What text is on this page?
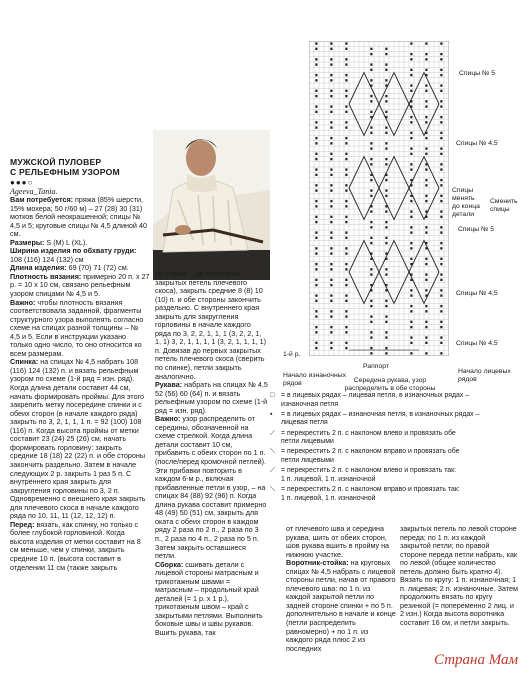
МУЖСКОЙ ПУЛОВЕР
С РЕЛЬЕФНЫМ УЗОРОМ
●●●○
Ageeva_Tania.

Вам потребуется: пряжа (85% шерсти, 15% мохера; 50 г/60 м) – 27 (28) 30 (31) мотков белой неокрашенной; спицы № 4,5 и 5; круговые спицы № 4,5 длиной 40 см.

Размеры: S (M) L (XL).

Ширина изделия по обхвату груди: 108 (116) 124 (132) см

Длина изделия: 69 (70) 71 (72) см.

Плотность вязания: примерно 20 п. х 27 р. = 10 х 10 см, связано рельефным узором спицами № 4,5 и 5.

Важно: чтобы плотность вязания соответствовала заданной, фрагменты структурного узора выполнять согласно схеме на спицах разной толщины – № 4,5 и 5. Если в инструкции указано только одно число, то оно относится ко всем размерам.

Спинка: на спицах № 4,5 набрать 108 (116) 124 (132) п. и вязать рельефным узором по схеме (1-й ряд = изн. ряд). Когда длина детали составит 44 см, начать формировать проймы. Для этого закрепить метку посередине спинки и с обеих сторон (в начале каждого ряда) закрыть по 3, 2, 1, 1, 1 п. = 92 (100) 108 (116) п. Когда высота проймы от метки составит 23 (24) 25 (26) см, начать формировать горловину: закрыть средние 18 (18) 22 (22) п. и обе стороны закончить раздельно. Затем в начале следующих 2 р. закрыть 1 раз 5 п. С внутреннего края закрыть для закругления горловины по 3, 2 п. Одновременно с внешнего края закрыть для плечевого скоса в начале каждого ряда по 10, 11, 11 (12, 12, 12) п.

Перед: вязать, как спинку, но только с более глубокой горловиной. Когда высота изделия от метки составит на 8 см меньше, чем у спинки, закрыть средние 10 п. (высота составит в отделении 11 см (также закрыть

по спинке – до последних закрытых петель плечевого скоса), закрыть средние 8 (8) 10 (10) п. и обе стороны закончить раздельно. С внутреннего края закрыть для закругления горловины в начале каждого ряда по 3, 2, 2, 1, 1, 1 (3, 2, 2, 1, 1, 1) 3, 2, 1, 1, 1, 1 (3, 2, 1, 1, 1, 1) п. Довязав до первых закрытых петель плечевого скоса (сверить по спинке), петли закрыть аналогично.

Рукава: набрать на спицах № 4,5 52 (56) 60 (64) п. и вязать рельефным узором по схеме (1-й ряд = изн. ряд).

Важно: узор распределить от середины, обозначенной на схеме стрелкой. Когда длина детали составит 10 см, прибавить с обеих сторон по 1 п. (после/перед кромочной петлей). Эти прибавки повторить в каждом 6-м р., включая прибавленные петли в узор, – на спицах 84 (88) 92 (96) п. Когда длина рукава составит примерно 48 (49) 50 (51) см, закрыть для оката с обеих сторон в каждом ряду 2 раза по 2 п., 2 раза по 3 п., 2 раза по 4 п., 2 раза по 5 п. Затем закрыть оставшиеся петли.

Сборка: сшивать детали с лицевой стороны матрасным и трикотажным швами = матрасным – продольный край деталей (= 1 р. х 1 р.), трикотажным швом – край с закрытыми петлями. Выполнить боковые швы и швы рукавов. Вшить рукава, так

от плечевого шва и середина рукава, шить от обеих сторон, шов рукава вшить в пройму на нижнюю участке.

Воротник-стойка: на круговых спицах № 4,5 набрать с лицевой стороны петли, начав от правого плечевого шва: по 1 п. из каждой закрытой петли по задней стороне спинки + по 5 п. дополнительно в начале и конце (петли распределить равномерно) + по 1 п. из каждого ряда плюс 2 из последних

закрытых петель по левой стороне переда; по 1 п. из каждой закрытой петли; по правой стороне переда петли набрать, как по левой (общее количество петель должно быть кратно 4). Вязать по кругу: 1 п. изнаночная; 1 п. лицевая; 2 п. изнаночные. Затем продолжить вязать по кругу резинкой (= попеременно 2 лиц. и 2 изн.) Когда высота воротника составит 16 см, и петли закрыть.

Спицы № 5
Спицы № 4,5
Спицы
менять
до конца
детали
Сменить
спицы
Спицы № 5
Спицы № 4,5
Спицы № 4,5
1-й р.
Начало изнаночных рядов
Раппорт
Середина рукава, узор
распределить в обе стороны
Начало лицевых
рядов
□ = в лицевых рядах – лицевая петля, в изнаночных рядах –
изнаночная петля
▪	= в лицевых рядах – изнаночная петля, в изнаночных рядах –
лицевая петля
⟋ = перекрестить 2 п. с наклоном влево и провязать обе
петли лицевыми
⟍ = перекрестить 2 п. с наклоном вправо и провязать обе
петли лицевыми
⟋ = перекрестить 2 п. с наклоном влево и провязать так:
1 п. лицевой, 1 п. изнаночной
⟍ = перекрестить 2 п. с наклоном вправо и провязать так:
1 п. лицевой, 1 п. изнаночной
Страна Мам
